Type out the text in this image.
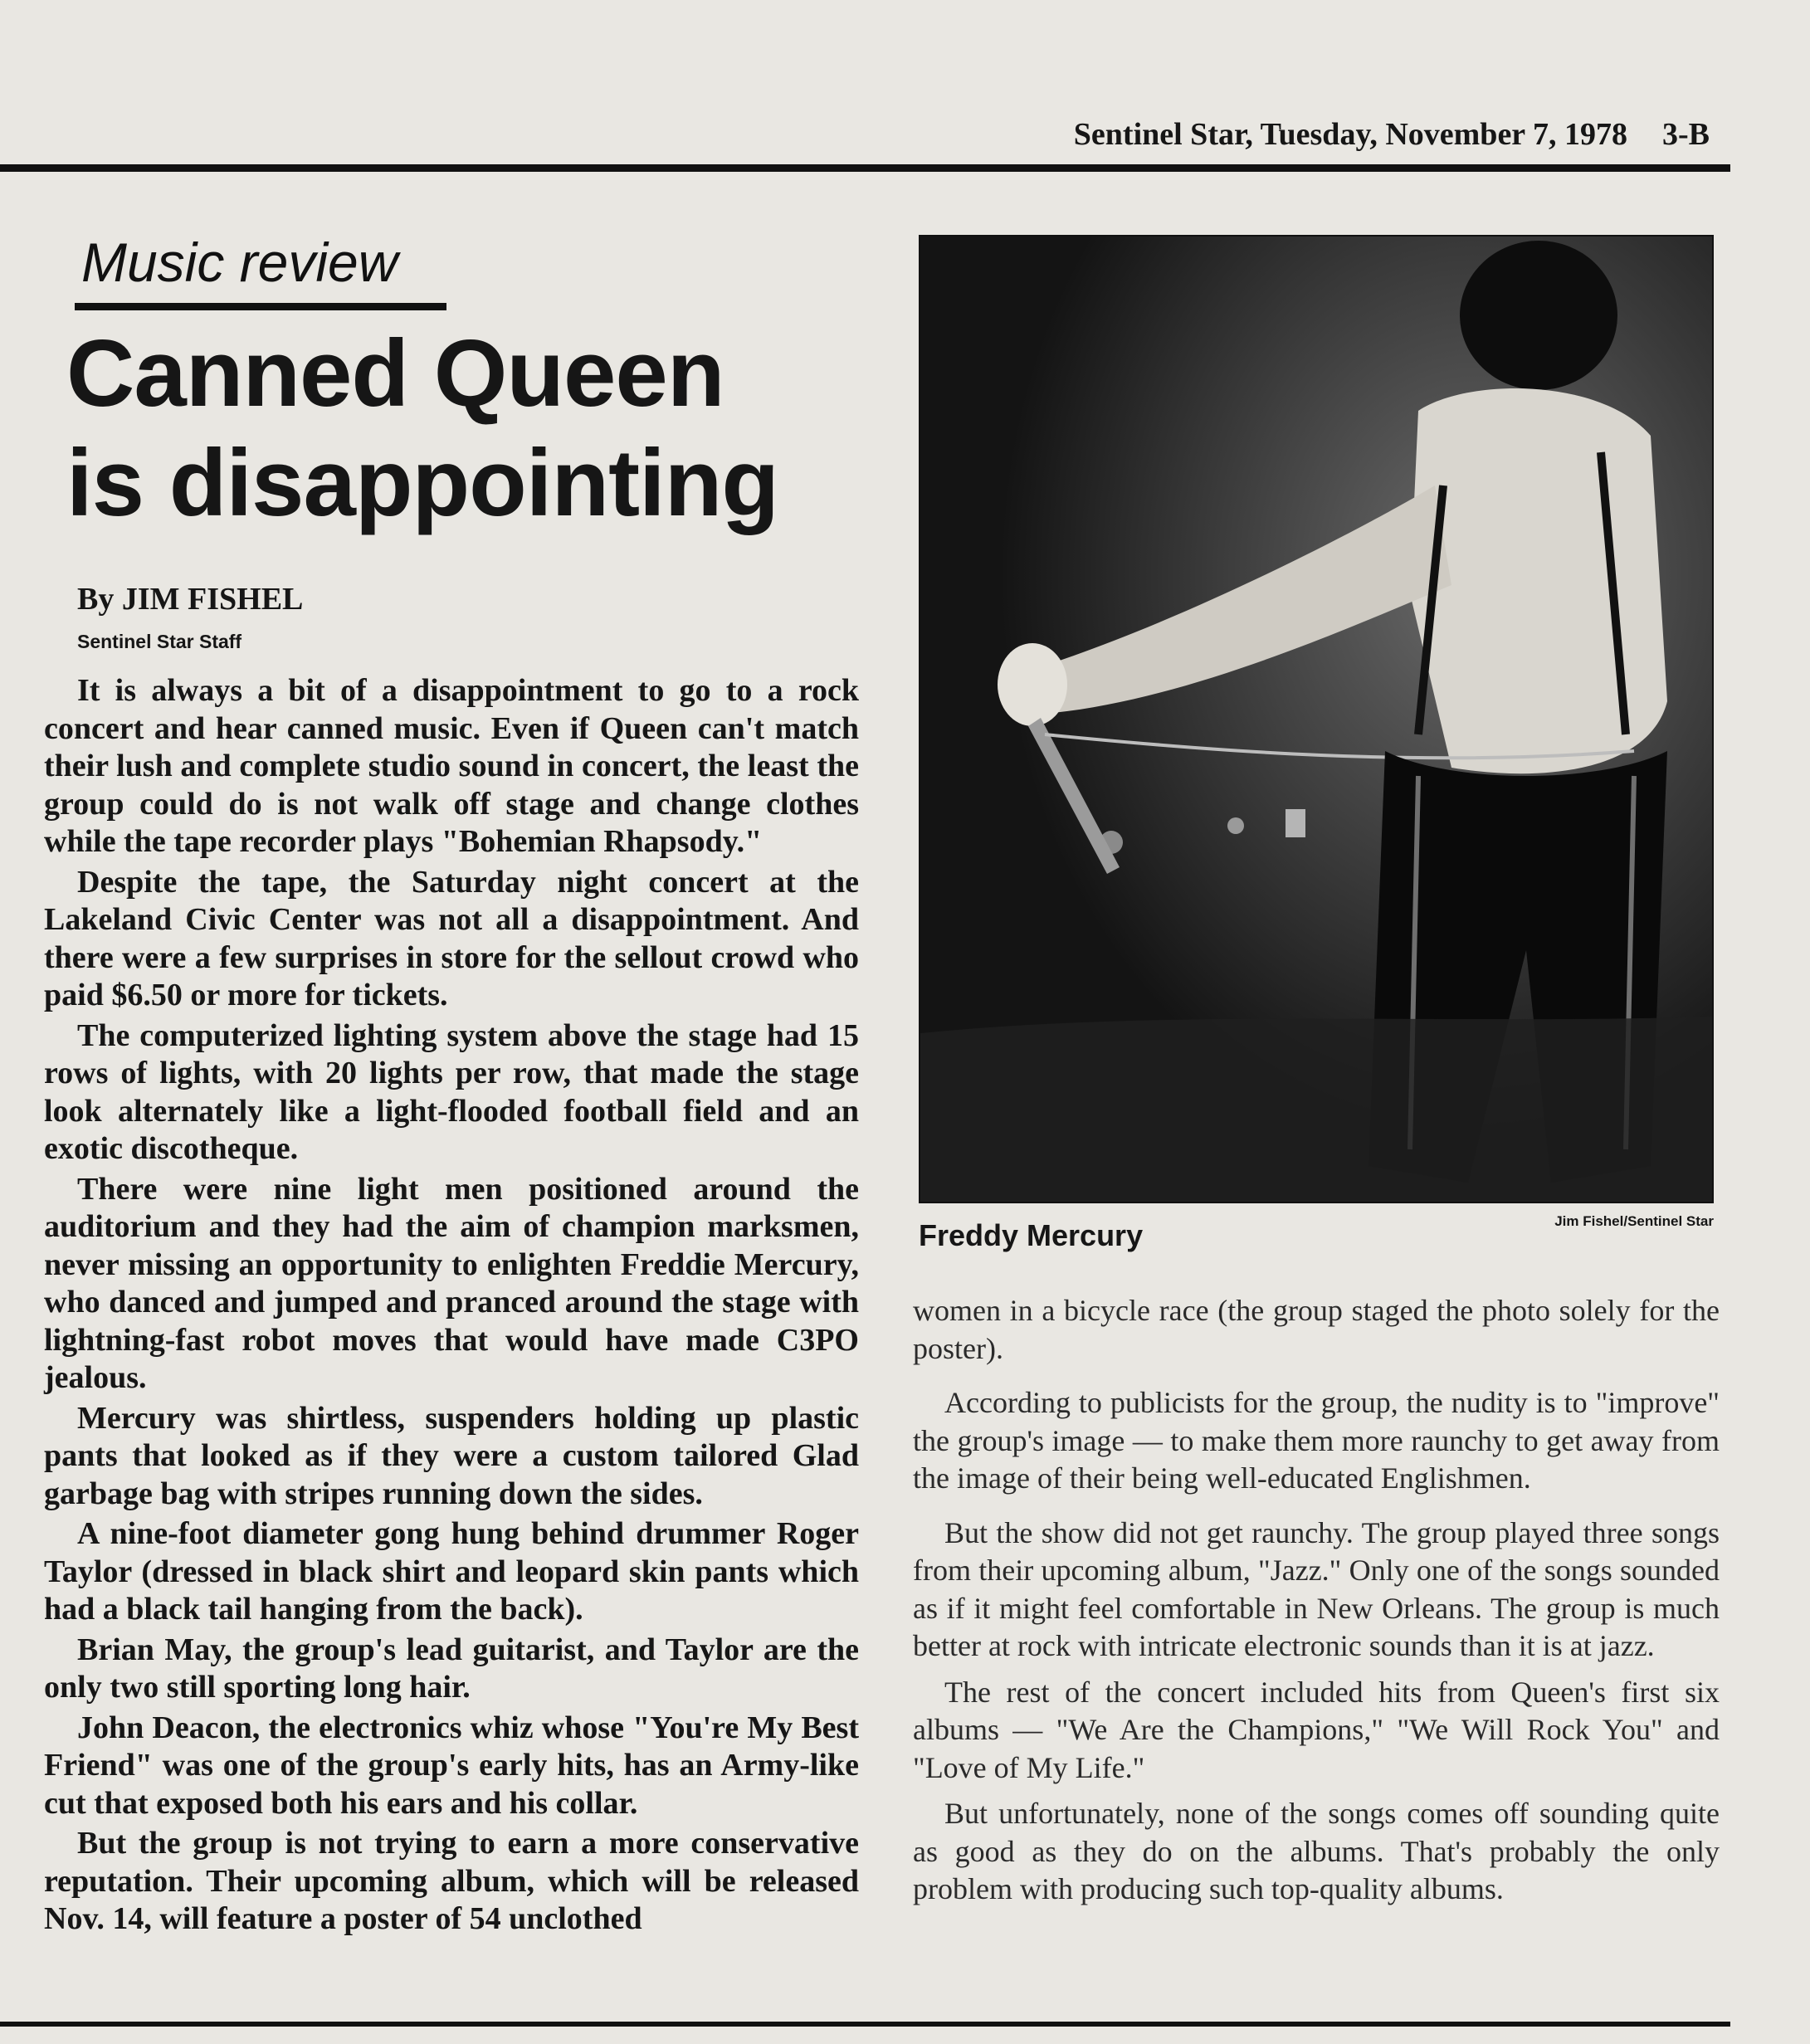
Sentinel Star, Tuesday, November 7, 1978 3-B
Music review
Canned Queen
is disappointing
By JIM FISHEL
Sentinel Star Staff

It is always a bit of a disappointment to go to a rock concert and hear canned music. Even if Queen can't match their lush and complete studio sound in concert, the least the group could do is not walk off stage and change clothes while the tape recorder plays "Bohemian Rhapsody."

Despite the tape, the Saturday night concert at the Lakeland Civic Center was not all a disappointment. And there were a few surprises in store for the sellout crowd who paid $6.50 or more for tickets.

The computerized lighting system above the stage had 15 rows of lights, with 20 lights per row, that made the stage look alternately like a light-flooded football field and an exotic discotheque.

There were nine light men positioned around the auditorium and they had the aim of champion marksmen, never missing an opportunity to enlighten Freddie Mercury, who danced and jumped and pranced around the stage with lightning-fast robot moves that would have made C3PO jealous.

Mercury was shirtless, suspenders holding up plastic pants that looked as if they were a custom tailored Glad garbage bag with stripes running down the sides.

A nine-foot diameter gong hung behind drummer Roger Taylor (dressed in black shirt and leopard skin pants which had a black tail hanging from the back).

Brian May, the group's lead guitarist, and Taylor are the only two still sporting long hair.

John Deacon, the electronics whiz whose "You're My Best Friend" was one of the group's early hits, has an Army-like cut that exposed both his ears and his collar.

But the group is not trying to earn a more conservative reputation. Their upcoming album, which will be released Nov. 14, will feature a poster of 54 unclothed

Freddy Mercury	Jim Fishel/Sentinel Star

women in a bicycle race (the group staged the photo solely for the poster).

According to publicists for the group, the nudity is to "improve" the group's image — to make them more raunchy to get away from the image of their being well-educated Englishmen.

But the show did not get raunchy. The group played three songs from their upcoming album, "Jazz." Only one of the songs sounded as if it might feel comfortable in New Orleans. The group is much better at rock with intricate electronic sounds than it is at jazz.

The rest of the concert included hits from Queen's first six albums — "We Are the Champions," "We Will Rock You" and "Love of My Life."

But unfortunately, none of the songs comes off sounding quite as good as they do on the albums. That's probably the only problem with producing such top-quality albums.
